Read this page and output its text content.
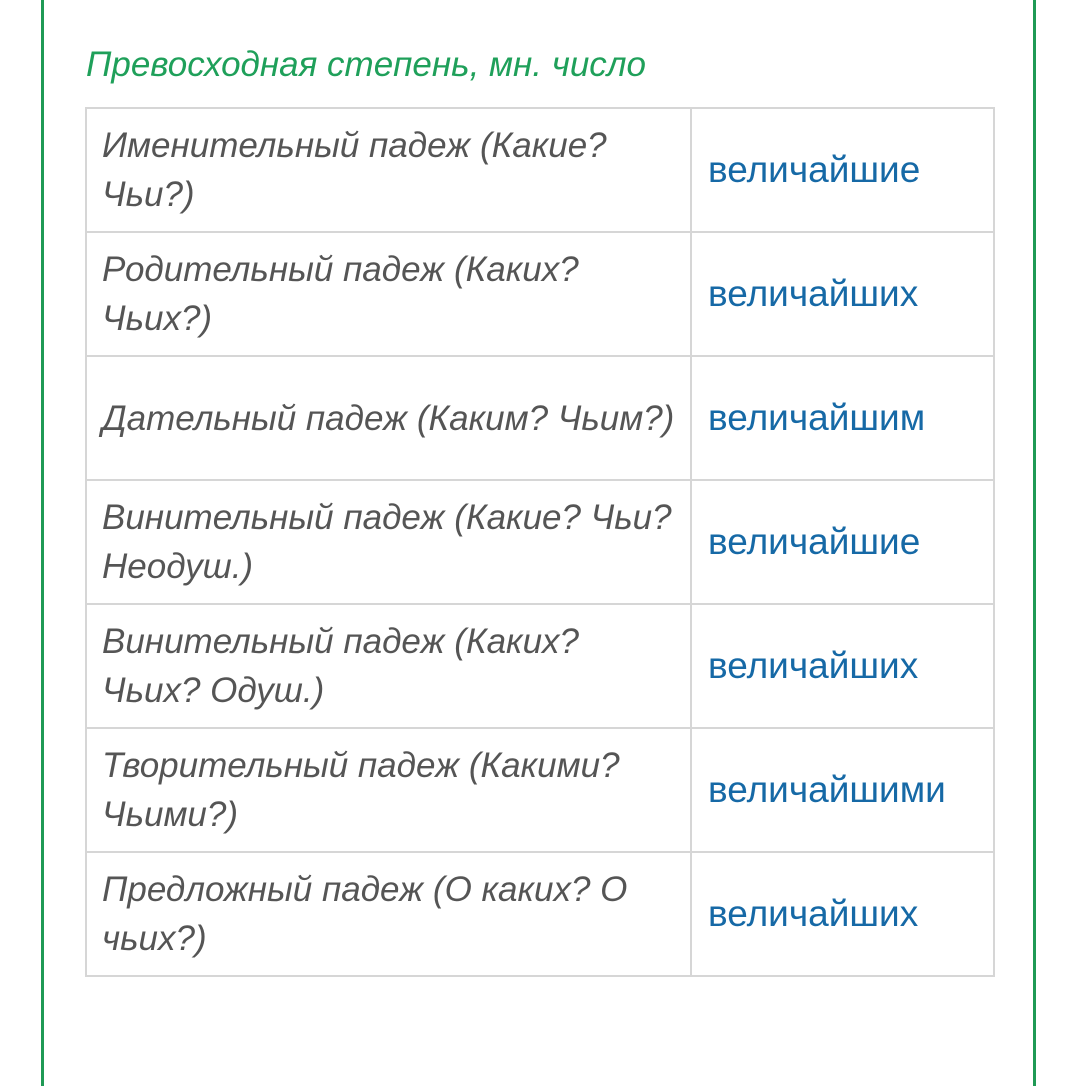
Превосходная степень, мн. число
Именительный падеж (Какие? Чьи?)	величайшие

Родительный падеж (Каких? Чьих?)	величайших

Дательный падеж (Каким? Чьим?)	величайшим

Винительный падеж (Какие? Чьи? Неодуш.)	величайшие

Винительный падеж (Каких? Чьих? Одуш.)	величайших

Творительный падеж (Какими? Чьими?)	величайшими

Предложный падеж (О каких? О чьих?)	величайших
